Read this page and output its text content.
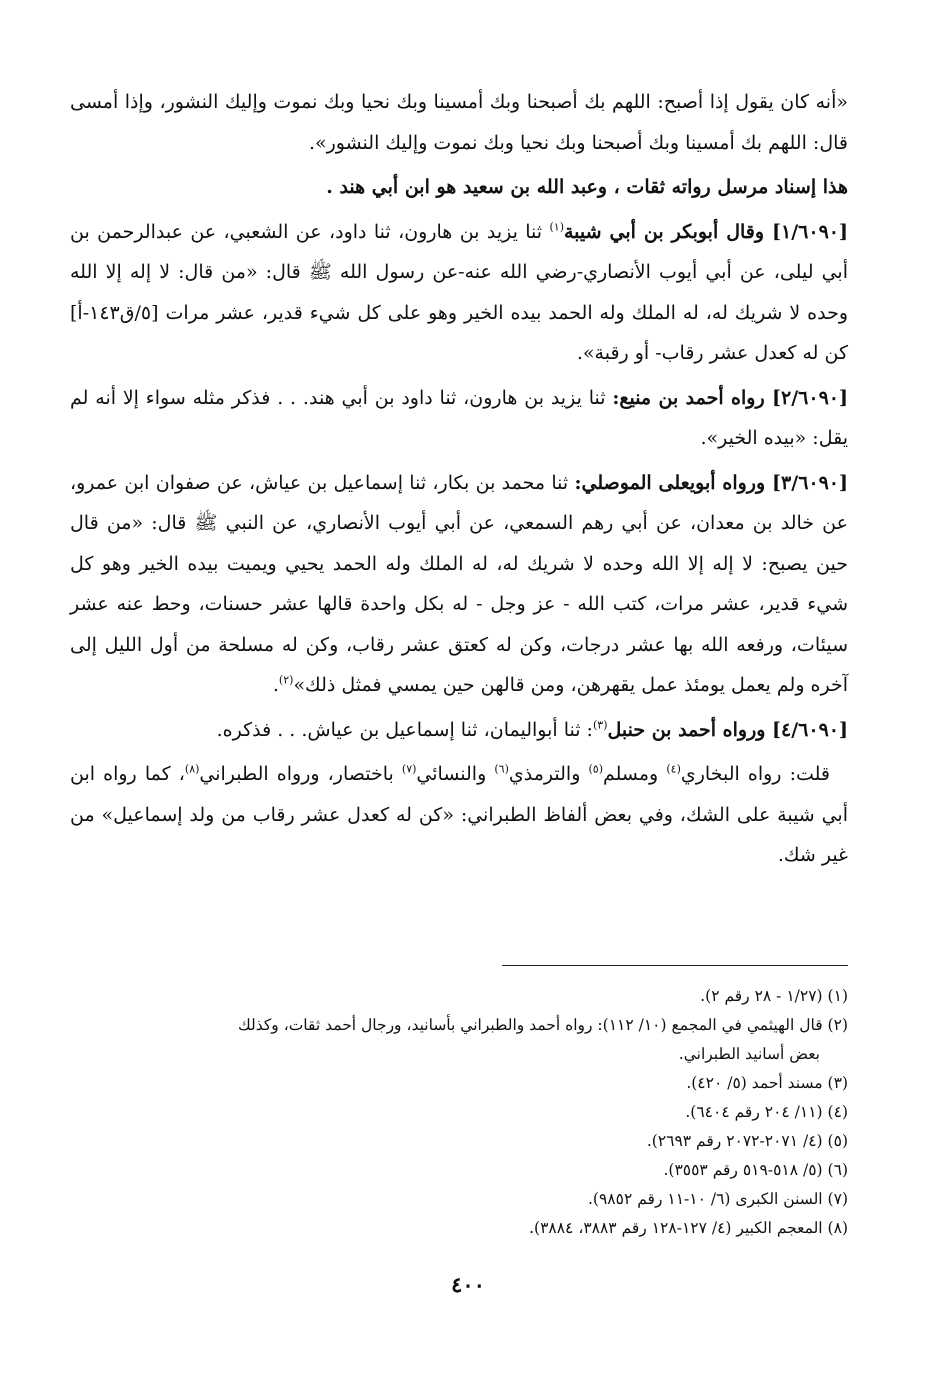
«أنه كان يقول إذا أصبح: اللهم بك أصبحنا وبك أمسينا وبك نحيا وبك نموت وإليك النشور، وإذا أمسى قال: اللهم بك أمسينا وبك أصبحنا وبك نحيا وبك نموت وإليك النشور».

هذا إسناد مرسل رواته ثقات ، وعبد الله بن سعيد هو ابن أبي هند .

[١/٦٠٩٠] وقال أبوبكر بن أبي شيبة$^{(١)}$ ثنا يزيد بن هارون، ثنا داود، عن الشعبي، عن عبدالرحمن بن أبي ليلى، عن أبي أيوب الأنصاري-رضي الله عنه-عن رسول الله ﷺ قال: «من قال: لا إله إلا الله وحده لا شريك له، له الملك وله الحمد بيده الخير وهو على كل شيء قدير، عشر مرات [٥/ق١٤٣-أ] كن له كعدل عشر رقاب- أو رقبة».

[٢/٦٠٩٠] رواه أحمد بن منيع: ثنا يزيد بن هارون، ثنا داود بن أبي هند. . . فذكر مثله سواء إلا أنه لم يقل: «بيده الخير».

[٣/٦٠٩٠] ورواه أبويعلى الموصلي: ثنا محمد بن بكار، ثنا إسماعيل بن عياش، عن صفوان ابن عمرو، عن خالد بن معدان، عن أبي رهم السمعي، عن أبي أيوب الأنصاري، عن النبي ﷺ قال: «من قال حين يصبح: لا إله إلا الله وحده لا شريك له، له الملك وله الحمد يحيي ويميت بيده الخير وهو كل شيء قدير، عشر مرات، كتب الله - عز وجل - له بكل واحدة قالها عشر حسنات، وحط عنه عشر سيئات، ورفعه الله بها عشر درجات، وكن له كعتق عشر رقاب، وكن له مسلحة من أول الليل إلى آخره ولم يعمل يومئذ عمل يقهرهن، ومن قالهن حين يمسي فمثل ذلك»$^{(٢)}$.

[٤/٦٠٩٠] ورواه أحمد بن حنبل$^{(٣)}$: ثنا أبواليمان، ثنا إسماعيل بن عياش. . . فذكره.

قلت: رواه البخاري$^{(٤)}$ ومسلم$^{(٥)}$ والترمذي$^{(٦)}$ والنسائي$^{(٧)}$ باختصار، ورواه الطبراني$^{(٨)}$، كما رواه ابن أبي شيبة على الشك، وفي بعض ألفاظ الطبراني: «كن له كعدل عشر رقاب من ولد إسماعيل» من غير شك.

(١) (١/٢٧ - ٢٨ رقم ٢).

(٢) قال الهيثمي في المجمع (١٠/ ١١٢): رواه أحمد والطبراني بأسانيد، ورجال أحمد ثقات، وكذلك

بعض أسانيد الطبراني.

(٣) مسند أحمد (٥/ ٤٢٠).

(٤) (١١/ ٢٠٤ رقم ٦٤٠٤).

(٥) (٤/ ٢٠٧١-٢٠٧٢ رقم ٢٦٩٣).

(٦) (٥/ ٥١٨-٥١٩ رقم ٣٥٥٣).

(٧) السنن الكبرى (٦/ ١٠-١١ رقم ٩٨٥٢).

(٨) المعجم الكبير (٤/ ١٢٧-١٢٨ رقم ٣٨٨٣، ٣٨٨٤).

٤٠٠
